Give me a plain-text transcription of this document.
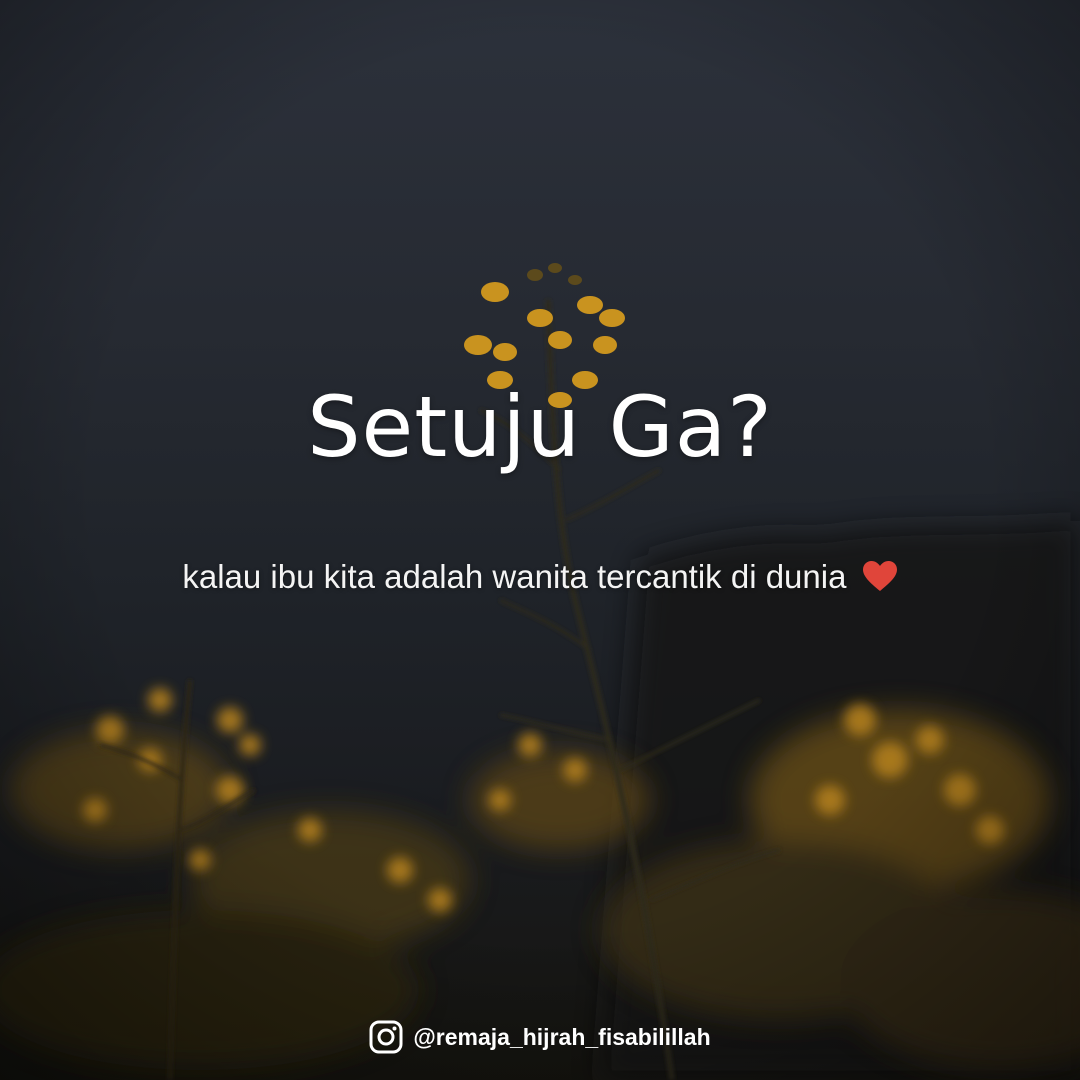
Setuju Ga?
kalau ibu kita adalah wanita tercantik di dunia
@remaja_hijrah_fisabilillah
